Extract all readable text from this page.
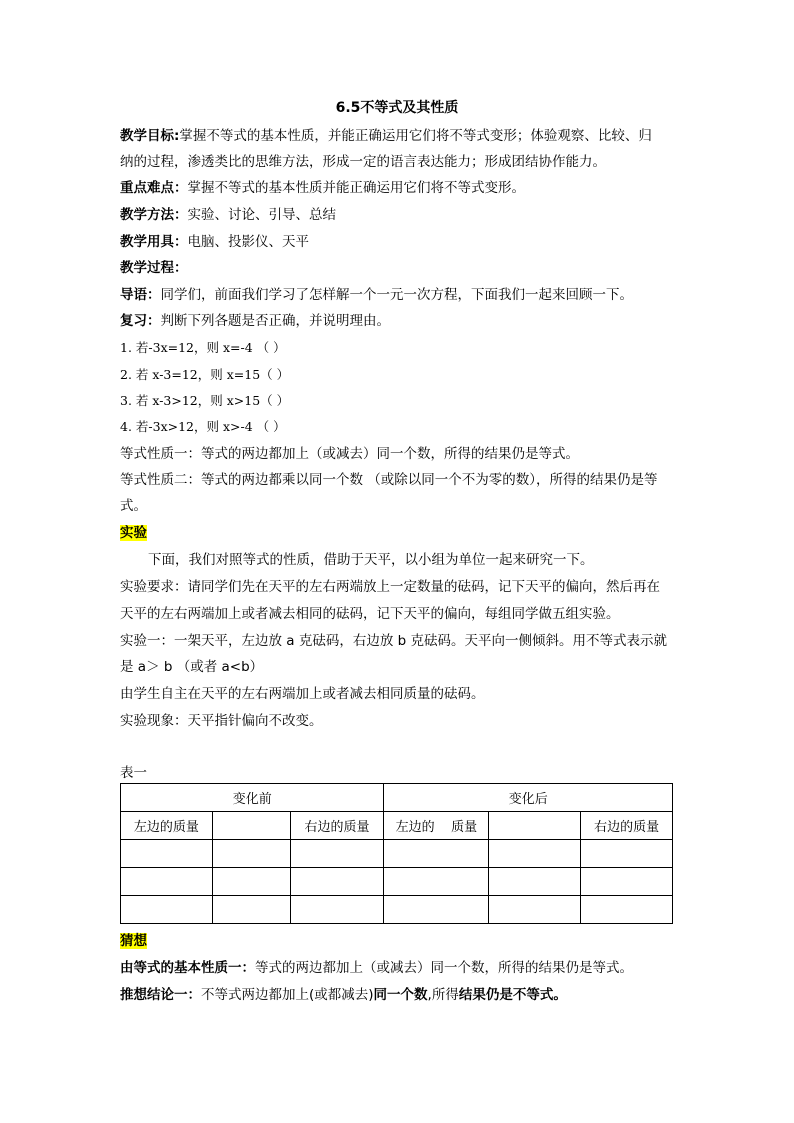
6.5不等式及其性质
教学目标:掌握不等式的基本性质，并能正确运用它们将不等式变形；体验观察、比较、归
纳的过程，渗透类比的思维方法，形成一定的语言表达能力；形成团结协作能力。
重点难点：掌握不等式的基本性质并能正确运用它们将不等式变形。
教学方法：实验、讨论、引导、总结
教学用具：电脑、投影仪、天平
教学过程：
导语：同学们，前面我们学习了怎样解一个一元一次方程，下面我们一起来回顾一下。
复习：判断下列各题是否正确，并说明理由。
1. 若-3x=12，则 x=-4 （ ）
2. 若 x-3=12，则 x=15（ ）
3. 若 x-3>12，则 x>15（ ）
4. 若-3x>12，则 x>-4 （ ）
等式性质一：等式的两边都加上（或减去）同一个数，所得的结果仍是等式。
等式性质二：等式的两边都乘以同一个数 （或除以同一个不为零的数），所得的结果仍是等
式。
实验
下面，我们对照等式的性质，借助于天平，以小组为单位一起来研究一下。
实验要求：请同学们先在天平的左右两端放上一定数量的砝码，记下天平的偏向，然后再在
天平的左右两端加上或者减去相同的砝码，记下天平的偏向，每组同学做五组实验。
实验一：一架天平，左边放 a 克砝码，右边放 b 克砝码。天平向一侧倾斜。用不等式表示就
是 a＞ b （或者 a<b）
由学生自主在天平的左右两端加上或者减去相同质量的砝码。
实验现象：天平指针偏向不改变。
表一
变化前			变化后		
左边的质量		右边的质量	左边的    质量		右边的质量

猜想
由等式的基本性质一：等式的两边都加上（或减去）同一个数，所得的结果仍是等式。
推想结论一：不等式两边都加上(或都减去)同一个数,所得结果仍是不等式。
